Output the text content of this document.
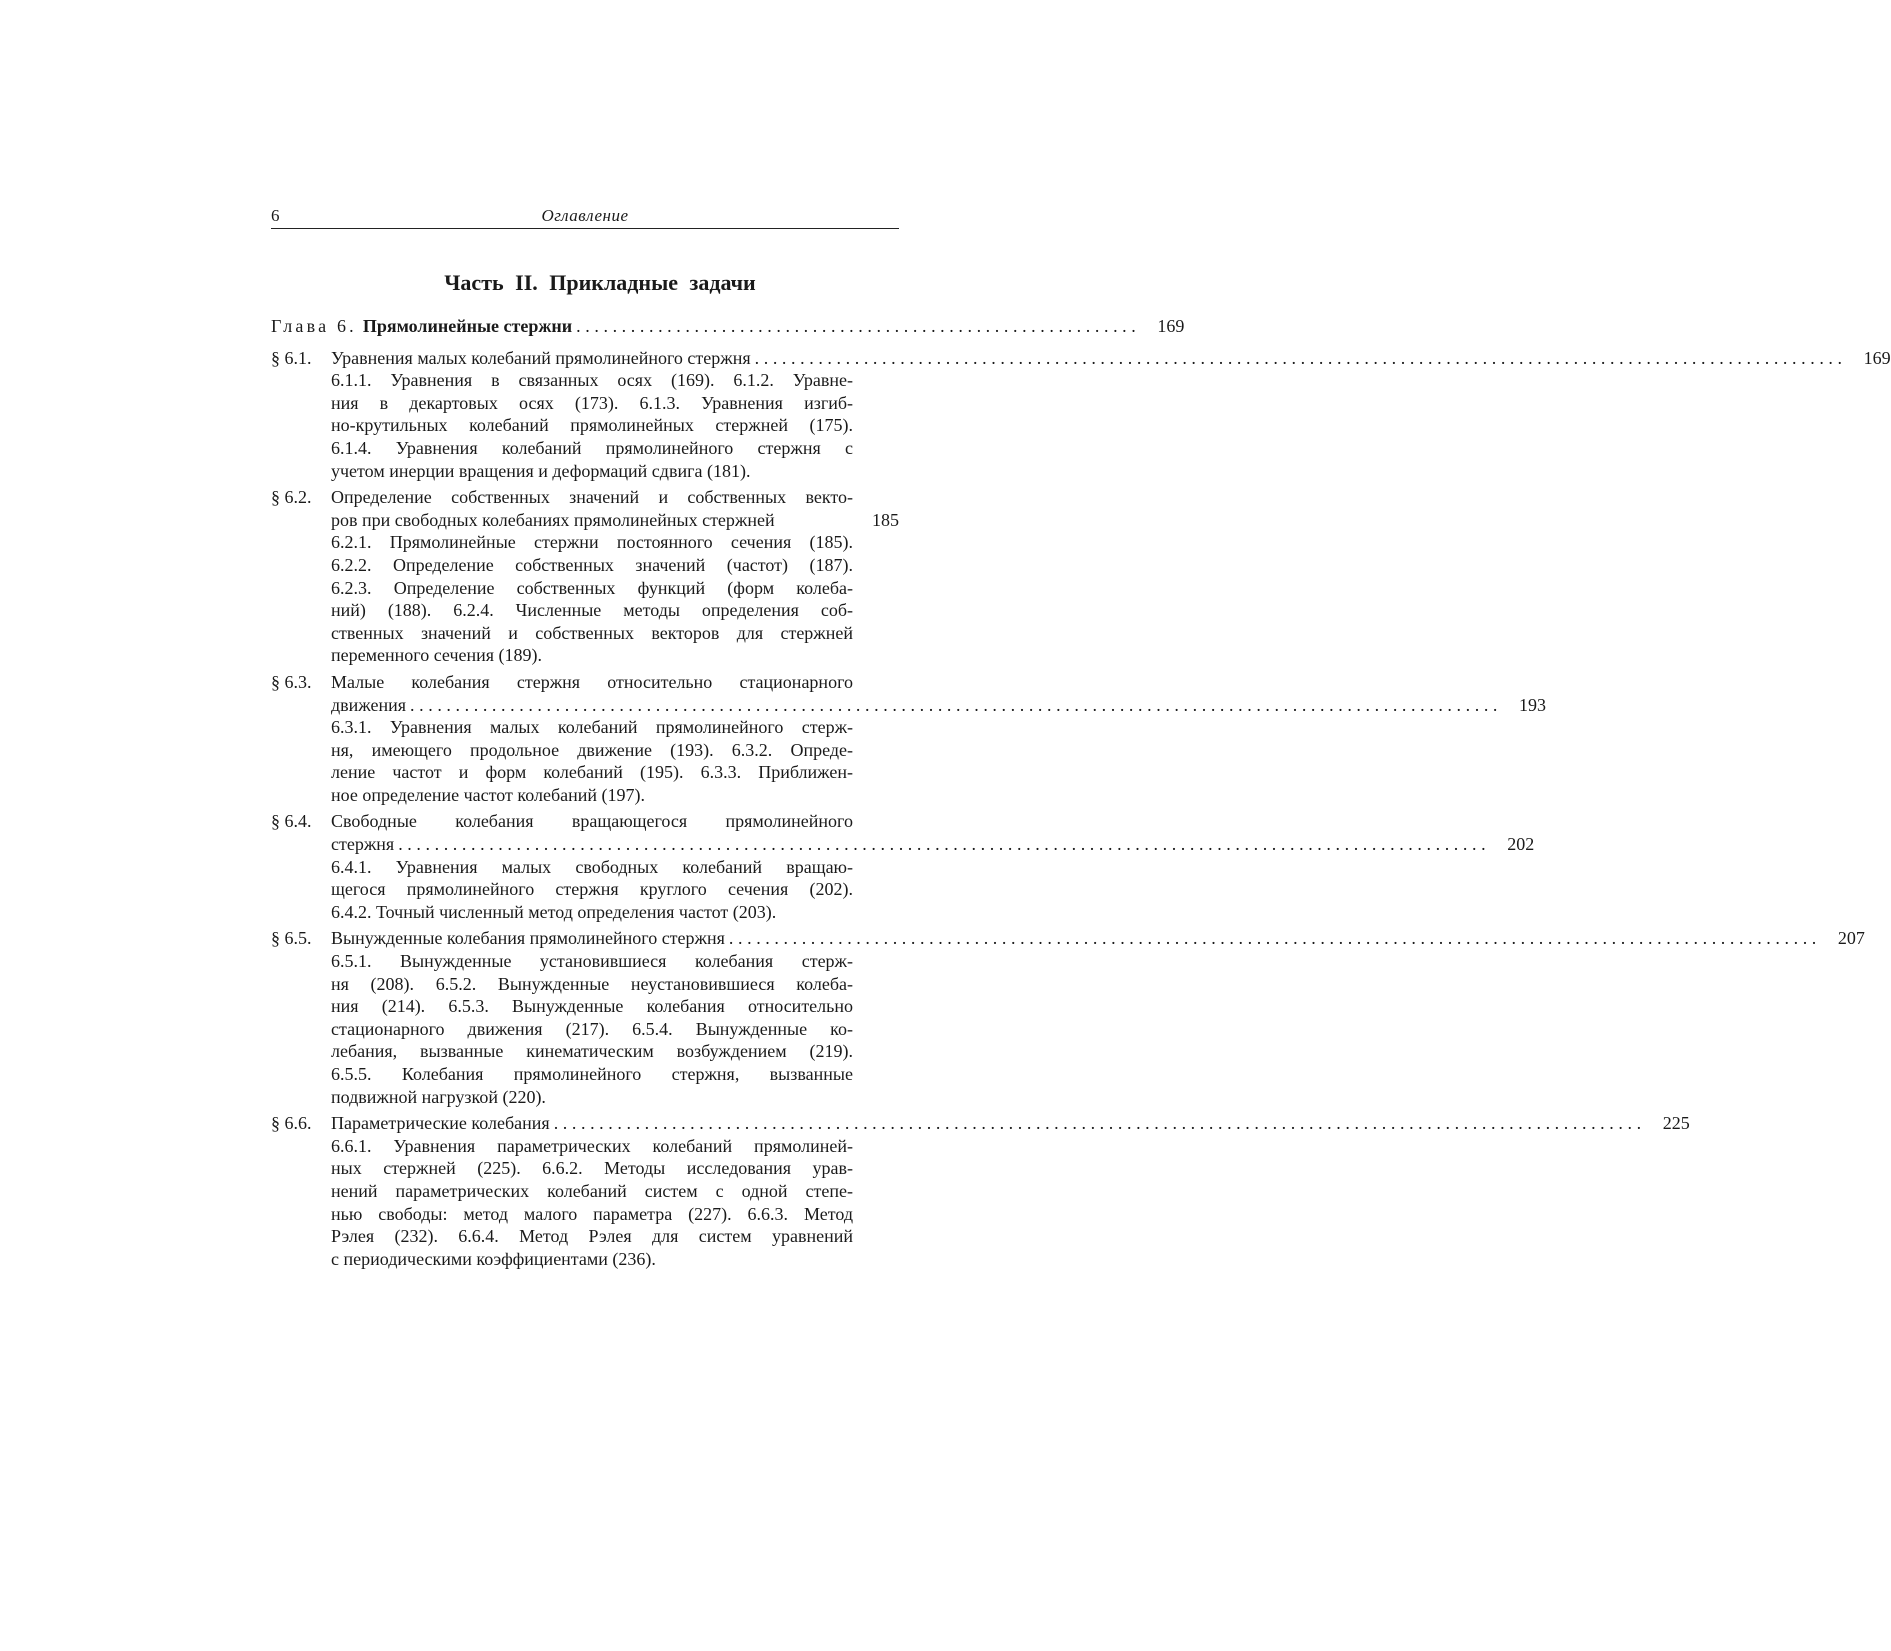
6	Оглавление
Часть II. Прикладные задачи
Глава 6. Прямолинейные стержни .............................................................. 169
§ 6.1. Уравнения малых колебаний прямолинейного стержня ........................................................................................................................ 169
6.1.1. Уравнения в связанных осях (169). 6.1.2. Уравне-
ния в декартовых осях (173). 6.1.3. Уравнения изгиб-
но-крутильных колебаний прямолинейных стержней (175).
6.1.4. Уравнения колебаний прямолинейного стержня с
учетом инерции вращения и деформаций сдвига (181).
§ 6.2. Определение собственных значений и собственных векто-
ров при свободных колебаниях прямолинейных стержней	185
6.2.1. Прямолинейные стержни постоянного сечения (185).
6.2.2. Определение собственных значений (частот) (187).
6.2.3. Определение собственных функций (форм колеба-
ний) (188). 6.2.4. Численные методы определения соб-
ственных значений и собственных векторов для стержней
переменного сечения (189).
§ 6.3. Малые колебания стержня относительно стационарного
движения ........................................................................................................................ 193
6.3.1. Уравнения малых колебаний прямолинейного стерж-
ня, имеющего продольное движение (193). 6.3.2. Опреде-
ление частот и форм колебаний (195). 6.3.3. Приближен-
ное определение частот колебаний (197).
§ 6.4. Свободные колебания вращающегося прямолинейного
стержня ........................................................................................................................ 202
6.4.1. Уравнения малых свободных колебаний вращаю-
щегося прямолинейного стержня круглого сечения (202).
6.4.2. Точный численный метод определения частот (203).
§ 6.5. Вынужденные колебания прямолинейного стержня ........................................................................................................................ 207
6.5.1. Вынужденные установившиеся колебания стерж-
ня (208). 6.5.2. Вынужденные неустановившиеся колеба-
ния (214). 6.5.3. Вынужденные колебания относительно
стационарного движения (217). 6.5.4. Вынужденные ко-
лебания, вызванные кинематическим возбуждением (219).
6.5.5. Колебания прямолинейного стержня, вызванные
подвижной нагрузкой (220).
§ 6.6. Параметрические колебания ........................................................................................................................ 225
6.6.1. Уравнения параметрических колебаний прямолиней-
ных стержней (225). 6.6.2. Методы исследования урав-
нений параметрических колебаний систем с одной степе-
нью свободы: метод малого параметра (227). 6.6.3. Метод
Рэлея (232). 6.6.4. Метод Рэлея для систем уравнений
с периодическими коэффициентами (236).
